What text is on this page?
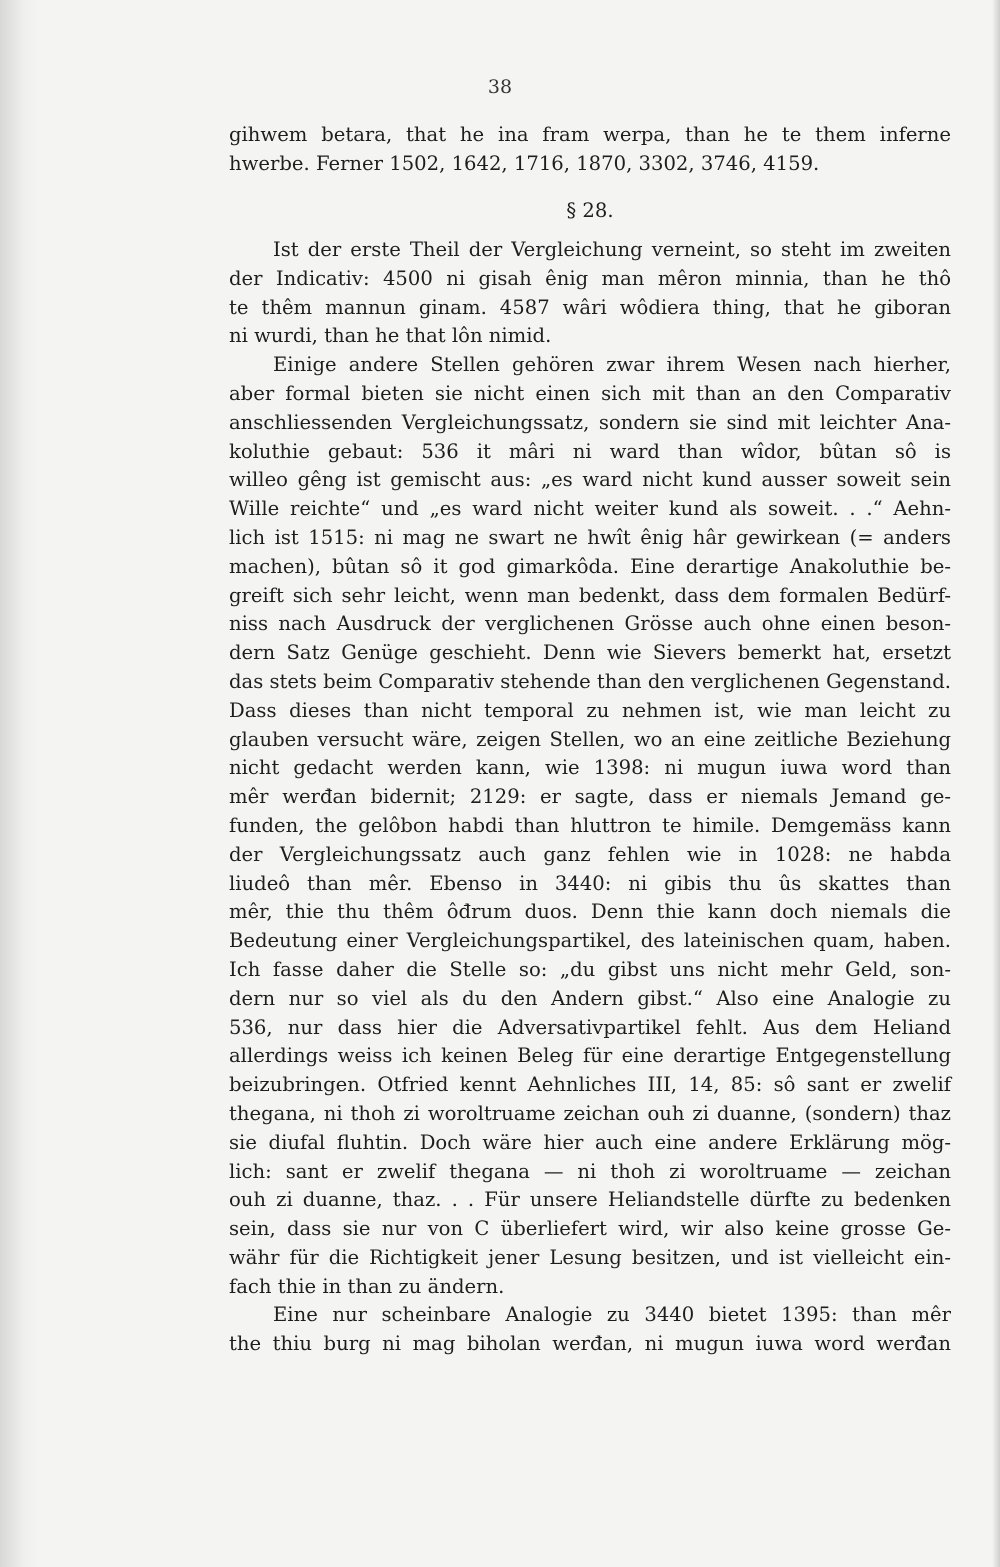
38
gihwem betara, that he ina fram werpa, than he te them inferne
hwerbe. Ferner 1502, 1642, 1716, 1870, 3302, 3746, 4159.
§ 28.
Ist der erste Theil der Vergleichung verneint, so steht im zweiten
der Indicativ: 4500 ni gisah ênig man mêron minnia, than he thô
te thêm mannun ginam. 4587 wâri wôdiera thing, that he giboran
ni wurdi, than he that lôn nimid.
Einige andere Stellen gehören zwar ihrem Wesen nach hierher,
aber formal bieten sie nicht einen sich mit than an den Comparativ
anschliessenden Vergleichungssatz, sondern sie sind mit leichter Ana-
koluthie gebaut: 536 it mâri ni ward than wîdor, bûtan sô is
willeo gêng ist gemischt aus: „es ward nicht kund ausser soweit sein
Wille reichte“ und „es ward nicht weiter kund als soweit. . .“ Aehn-
lich ist 1515: ni mag ne swart ne hwît ênig hâr gewirkean (= anders
machen), bûtan sô it god gimarkôda. Eine derartige Anakoluthie be-
greift sich sehr leicht, wenn man bedenkt, dass dem formalen Bedürf-
niss nach Ausdruck der verglichenen Grösse auch ohne einen beson-
dern Satz Genüge geschieht. Denn wie Sievers bemerkt hat, ersetzt
das stets beim Comparativ stehende than den verglichenen Gegenstand.
Dass dieses than nicht temporal zu nehmen ist, wie man leicht zu
glauben versucht wäre, zeigen Stellen, wo an eine zeitliche Beziehung
nicht gedacht werden kann, wie 1398: ni mugun iuwa word than
mêr werđan bidernit; 2129: er sagte, dass er niemals Jemand ge-
funden, the gelôbon habdi than hluttron te himile. Demgemäss kann
der Vergleichungssatz auch ganz fehlen wie in 1028: ne habda
liudeô than mêr. Ebenso in 3440: ni gibis thu ûs skattes than
mêr, thie thu thêm ôđrum duos. Denn thie kann doch niemals die
Bedeutung einer Vergleichungspartikel, des lateinischen quam, haben.
Ich fasse daher die Stelle so: „du gibst uns nicht mehr Geld, son-
dern nur so viel als du den Andern gibst.“ Also eine Analogie zu
536, nur dass hier die Adversativpartikel fehlt. Aus dem Heliand
allerdings weiss ich keinen Beleg für eine derartige Entgegenstellung
beizubringen. Otfried kennt Aehnliches III, 14, 85: sô sant er zwelif
thegana, ni thoh zi woroltruame zeichan ouh zi duanne, (sondern) thaz
sie diufal fluhtin. Doch wäre hier auch eine andere Erklärung mög-
lich: sant er zwelif thegana — ni thoh zi woroltruame — zeichan
ouh zi duanne, thaz. . . Für unsere Heliandstelle dürfte zu bedenken
sein, dass sie nur von C überliefert wird, wir also keine grosse Ge-
währ für die Richtigkeit jener Lesung besitzen, und ist vielleicht ein-
fach thie in than zu ändern.
Eine nur scheinbare Analogie zu 3440 bietet 1395: than mêr
the thiu burg ni mag biholan werđan, ni mugun iuwa word werđan
